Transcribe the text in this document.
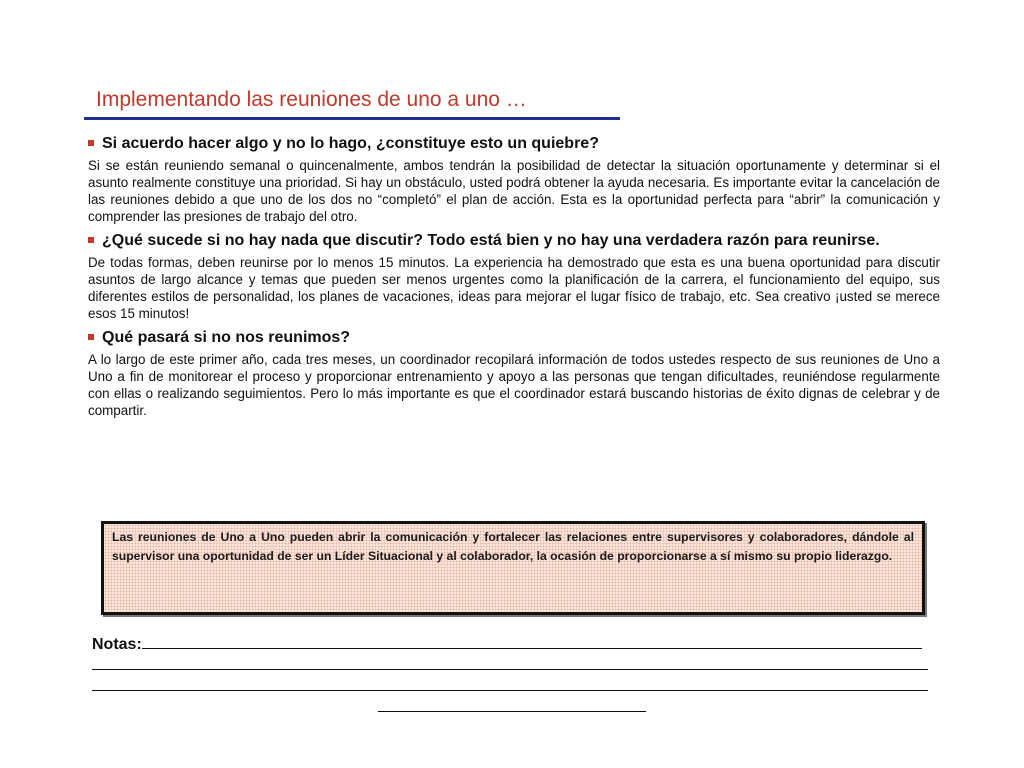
Implementando las reuniones de uno a uno …
Si acuerdo hacer algo y no lo hago, ¿constituye esto un quiebre?

Si se están reuniendo semanal o quincenalmente, ambos tendrán la posibilidad de detectar la situación oportunamente y determinar si el asunto realmente constituye una prioridad. Si hay un obstáculo, usted podrá obtener la ayuda necesaria. Es importante evitar la cancelación de las reuniones debido a que uno de los dos no “completó” el plan de acción. Esta es la oportunidad perfecta para “abrir” la comunicación y comprender las presiones de trabajo del otro.

¿Qué sucede si no hay nada que discutir? Todo está bien y no hay una verdadera razón para reunirse.

De todas formas, deben reunirse por lo menos 15 minutos. La experiencia ha demostrado que esta es una buena oportunidad para discutir asuntos de largo alcance y temas que pueden ser menos urgentes como la planificación de la carrera, el funcionamiento del equipo, sus diferentes estilos de personalidad, los planes de vacaciones, ideas para mejorar el lugar físico de trabajo, etc. Sea creativo ¡usted se merece esos 15 minutos!

Qué pasará si no nos reunimos?

A lo largo de este primer año, cada tres meses, un coordinador recopilará información de todos ustedes respecto de sus reuniones de Uno a Uno a fin de monitorear el proceso y proporcionar entrenamiento y apoyo a las personas que tengan dificultades, reuniéndose regularmente con ellas o realizando seguimientos. Pero lo más importante es que el coordinador estará buscando historias de éxito dignas de celebrar y de compartir.

Las reuniones de Uno a Uno pueden abrir la comunicación y fortalecer las relaciones entre supervisores y colaboradores, dándole al supervisor una oportunidad de ser un Líder Situacional y al colaborador, la ocasión de proporcionarse a sí mismo su propio liderazgo.
Notas:
